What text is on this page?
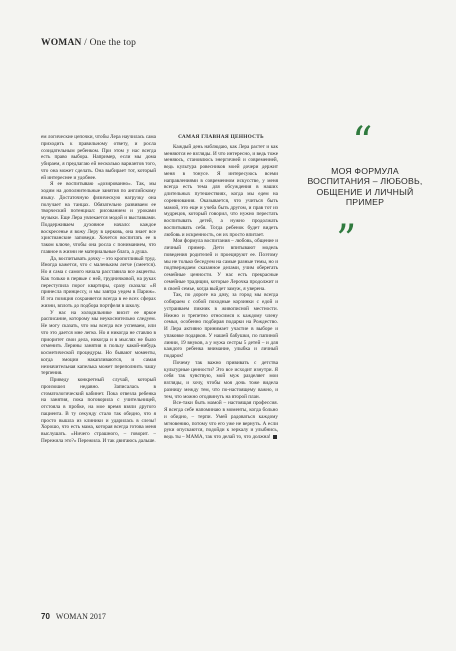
WOMAN / One the top

ем логические цепочки, чтобы Лера научилась сама приходить к правильному ответу, и росла созидательным ребенком. При этом у нас всегда есть право выбора. Например, если мы дома убираем, я предлагаю ей несколько вариантов того, что она может сделать. Она выбирает тот, который ей интереснее и удобнее.

Я ее воспитываю «дозированно». Так, мы ходим на дополнительные занятия по английскому языку. Достаточную физическую нагрузку она получает на танцах. Обязательно развиваем ее творческий потенциал: рисованием и уроками музыки. Еще Лера увлекается модой и выставками. Поддерживаем духовное начало: каждое воскресенье я вожу Леру в церковь, она знает все христианские заповеди. Хочется воспитать ее в таком ключе, чтобы она росла с пониманием, что главное в жизни не материальные блага, а душа.

Да, воспитывать дочку – это кропотливый труд. Иногда кажется, что с маленьким легче (смеется). Но я сама с самого начала расставила все акценты. Как только в первые с ней, грудничковой, на руках переступила порог квартиры, сразу сказала: «Я принесла принцессу, и мы завтра уедем в Париж». И эта позиция сохраняется всегда в ее всех сферах жизни, вплоть до подбора портфеля в школу.

У нас на холодильнике висит ее яркое расписание, которому мы неукоснительно следуем. Не могу сказать, что мы всегда все успеваем, или что это дается мне легко. Но я никогда не ставлю в приоритет свои дела, никогда и в мыслях не было отменить Лерины занятия в пользу какой-нибудь косметической процедуры. Но бывают моменты, когда эмоции накапливаются, и самая незначительная капелька может переполнить чашу терпения.

Приведу конкретный случай, который произошел недавно. Записалась в стоматологический кабинет. Пока отвезла ребенка на занятия, пока поговорила с учительницей, отстояла в пробке, на мое время взяли другого пациента. В ту секунду стало так обидно, что я просто вышла из клиники и ударилась в слезы! Хорошо, что есть мама, которая всегда готова меня выслушать. «Ничего страшного, – говорит. – Пережила это?» Пережила. И так двигаюсь дальше.

САМАЯ ГЛАВНАЯ ЦЕННОСТЬ

Каждый день наблюдаю, как Лера растет и как меняются ее взгляды. И что интересно, и ведь тоже меняюсь, становлюсь энергичней и современней, ведь культура ровесников моей дочери держит меня в тонусе. Я интересуюсь всеми направлениями в современном искусстве, у меня всегда есть тема для обсуждения в наших длительных путешествиях, когда мы едем на соревнования. Оказывается, что учиться быть мамой, это еще и учеба быть другом, и прав тот из мудрецов, который говорил, что нужно перестать воспитывать детей, а нужно продолжать воспитывать себя. Тогда ребенок будет видеть любовь и искренность, он их просто впитает.

Моя формула воспитания – любовь, общение и личный пример. Дети впитывают модель поведения родителей и проецируют ее. Поэтому мы не только беседуем на самые разные темы, но и подтверждаем сказанное делами, учим оберегать семейные ценности. У нас есть прекрасные семейные традиции, которые Лерочка продолжит и в своей семье, когда выйдет замуж, я уверена.

Так, по дороге на дачу, за город мы всегда собираем с собой походные корзинки с едой и устраиваем пикник в живописной местности. Нежно и трепетно относимся к каждому члену семьи, особенно подбирая подарки на Рождество. И Лера активно принимает участие в выборе и упаковке подарков. У нашей бабушки, по папиной линии, 19 внуков, а у мужа сестры 5 детей – и для каждого ребенка внимание, улыбка и личный подарок!

Почему так важно прививать с детства культурные ценности? Это все исходит изнутри. Я себя так чувствую, мой муж разделяет мои взгляды, и хочу, чтобы моя дочь тоже видела разницу между тем, что по-настоящему важно, и тем, что можно отодвинуть на второй план.

Все-таки быть мамой – настоящая профессия. Я всегда себе напоминаю в моменты, когда больно и обидно, – терпи. Умей радоваться каждому мгновению, потому что его уже не вернуть. А если руки опускаются, подойди к зеркалу и улыбнись, ведь ты – МАМА, так что делай то, что должна!

“
МОЯ ФОРМУЛА ВОСПИТАНИЯ – ЛЮБОВЬ, ОБЩЕНИЕ И ЛИЧНЫЙ ПРИМЕР
”
70 WOMAN 2017
